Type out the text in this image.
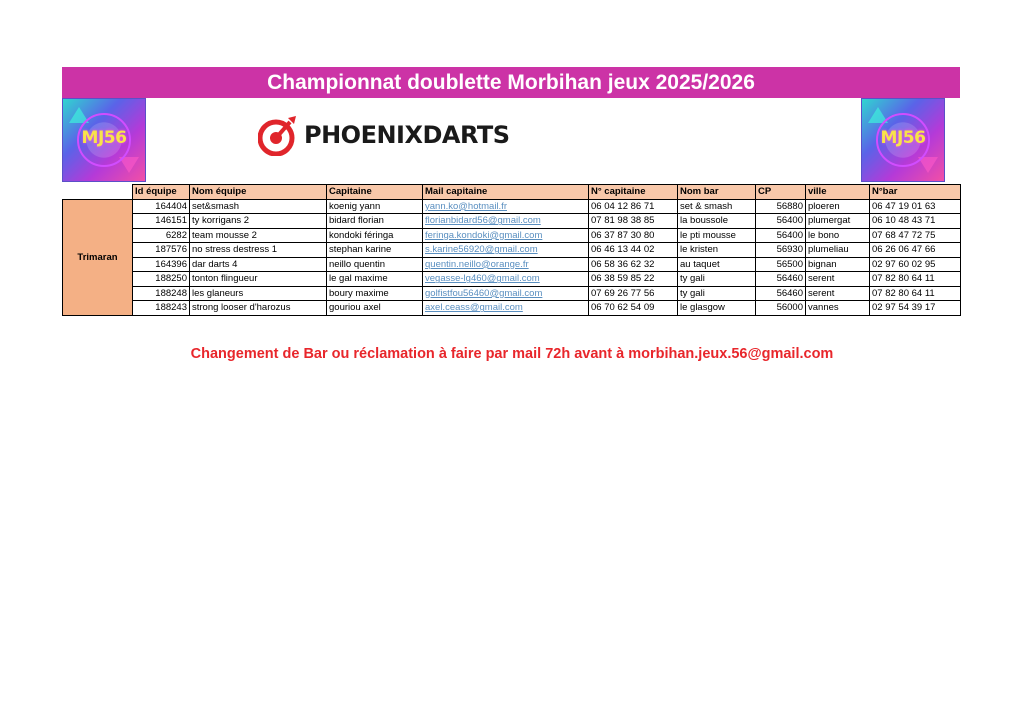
Championnat doublette Morbihan jeux 2025/2026
MJ56	PHOENIXDARTS	MJ56
	Id équipe	Nom équipe	Capitaine	Mail capitaine	N° capitaine	Nom bar	CP	ville	N°bar
Trimaran	164404	set&smash	koenig yann	yann.ko@hotmail.fr	06 04 12 86 71	set & smash	56880	ploeren	06 47 19 01 63
	146151	ty korrigans 2	bidard florian	florianbidard56@gmail.com	07 81 98 38 85	la boussole	56400	plumergat	06 10 48 43 71
	6282	team mousse 2	kondoki féringa	feringa.kondoki@gmail.com	06 37 87 30 80	le pti mousse	56400	le bono	07 68 47 72 75
	187576	no stress destress 1	stephan karine	s.karine56920@gmail.com	06 46 13 44 02	le kristen	56930	plumeliau	06 26 06 47 66
	164396	dar darts 4	neillo quentin	quentin.neillo@orange.fr	06 58 36 62 32	au taquet	56500	bignan	02 97 60 02 95
	188250	tonton flingueur	le gal maxime	vegasse-lg460@gmail.com	06 38 59 85 22	ty gali	56460	serent	07 82 80 64 11
	188248	les glaneurs	boury maxime	golfistfou56460@gmail.com	07 69 26 77 56	ty gali	56460	serent	07 82 80 64 11
	188243	strong looser d'harozus	gouriou axel	axel.ceass@gmail.com	06 70 62 54 09	le glasgow	56000	vannes	02 97 54 39 17
Changement de Bar ou réclamation à faire par mail 72h avant à morbihan.jeux.56@gmail.com
